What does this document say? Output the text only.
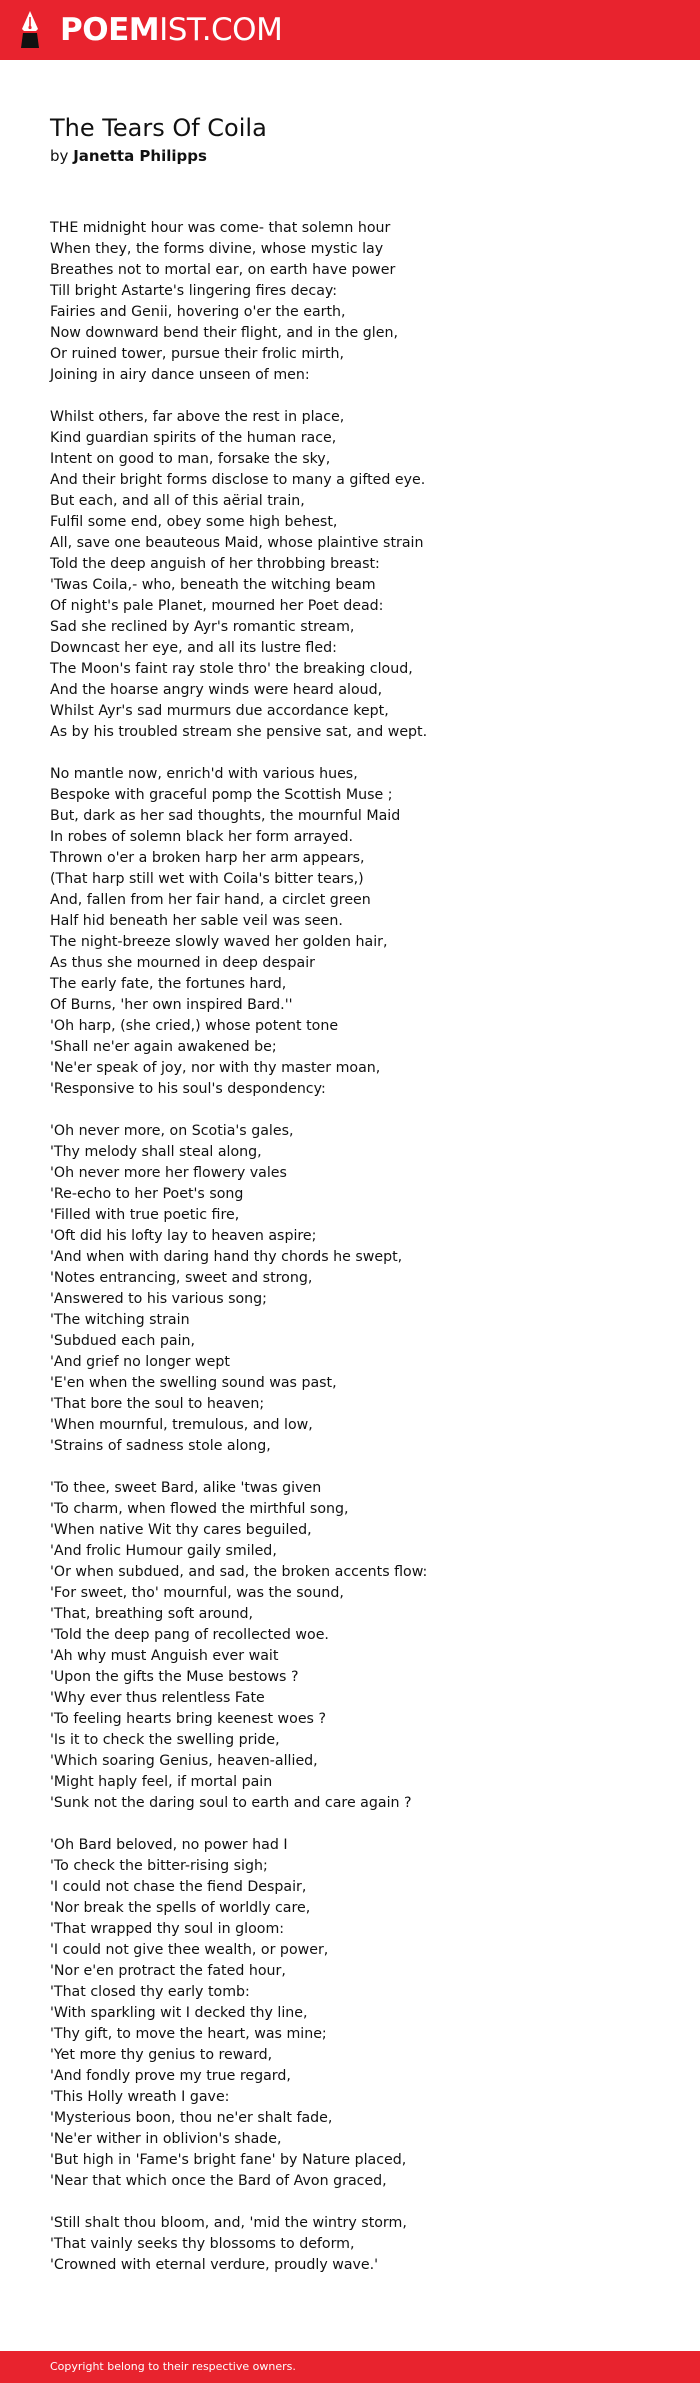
POEMIST.COM
The Tears Of Coila
by Janetta Philipps
THE midnight hour was come- that solemn hour
When they, the forms divine, whose mystic lay
Breathes not to mortal ear, on earth have power
Till bright Astarte's lingering fires decay:
Fairies and Genii, hovering o'er the earth,
Now downward bend their flight, and in the glen,
Or ruined tower, pursue their frolic mirth,
Joining in airy dance unseen of men:
Whilst others, far above the rest in place,
Kind guardian spirits of the human race,
Intent on good to man, forsake the sky,
And their bright forms disclose to many a gifted eye.
But each, and all of this aërial train,
Fulfil some end, obey some high behest,
All, save one beauteous Maid, whose plaintive strain
Told the deep anguish of her throbbing breast:
'Twas Coila,- who, beneath the witching beam
Of night's pale Planet, mourned her Poet dead:
Sad she reclined by Ayr's romantic stream,
Downcast her eye, and all its lustre fled:
The Moon's faint ray stole thro' the breaking cloud,
And the hoarse angry winds were heard aloud,
Whilst Ayr's sad murmurs due accordance kept,
As by his troubled stream she pensive sat, and wept.
No mantle now, enrich'd with various hues,
Bespoke with graceful pomp the Scottish Muse ;
But, dark as her sad thoughts, the mournful Maid
In robes of solemn black her form arrayed.
Thrown o'er a broken harp her arm appears,
(That harp still wet with Coila's bitter tears,)
And, fallen from her fair hand, a circlet green
Half hid beneath her sable veil was seen.
The night-breeze slowly waved her golden hair,
As thus she mourned in deep despair
The early fate, the fortunes hard,
Of Burns, 'her own inspired Bard.''
'Oh harp, (she cried,) whose potent tone
'Shall ne'er again awakened be;
'Ne'er speak of joy, nor with thy master moan,
'Responsive to his soul's despondency:
'Oh never more, on Scotia's gales,
'Thy melody shall steal along,
'Oh never more her flowery vales
'Re-echo to her Poet's song
'Filled with true poetic fire,
'Oft did his lofty lay to heaven aspire;
'And when with daring hand thy chords he swept,
'Notes entrancing, sweet and strong,
'Answered to his various song;
'The witching strain
'Subdued each pain,
'And grief no longer wept
'E'en when the swelling sound was past,
'That bore the soul to heaven;
'When mournful, tremulous, and low,
'Strains of sadness stole along,
'To thee, sweet Bard, alike 'twas given
'To charm, when flowed the mirthful song,
'When native Wit thy cares beguiled,
'And frolic Humour gaily smiled,
'Or when subdued, and sad, the broken accents flow:
'For sweet, tho' mournful, was the sound,
'That, breathing soft around,
'Told the deep pang of recollected woe.
'Ah why must Anguish ever wait
'Upon the gifts the Muse bestows ?
'Why ever thus relentless Fate
'To feeling hearts bring keenest woes ?
'Is it to check the swelling pride,
'Which soaring Genius, heaven-allied,
'Might haply feel, if mortal pain
'Sunk not the daring soul to earth and care again ?
'Oh Bard beloved, no power had I
'To check the bitter-rising sigh;
'I could not chase the fiend Despair,
'Nor break the spells of worldly care,
'That wrapped thy soul in gloom:
'I could not give thee wealth, or power,
'Nor e'en protract the fated hour,
'That closed thy early tomb:
'With sparkling wit I decked thy line,
'Thy gift, to move the heart, was mine;
'Yet more thy genius to reward,
'And fondly prove my true regard,
'This Holly wreath I gave:
'Mysterious boon, thou ne'er shalt fade,
'Ne'er wither in oblivion's shade,
'But high in 'Fame's bright fane' by Nature placed,
'Near that which once the Bard of Avon graced,
'Still shalt thou bloom, and, 'mid the wintry storm,
'That vainly seeks thy blossoms to deform,
'Crowned with eternal verdure, proudly wave.'
Copyright belong to their respective owners.
